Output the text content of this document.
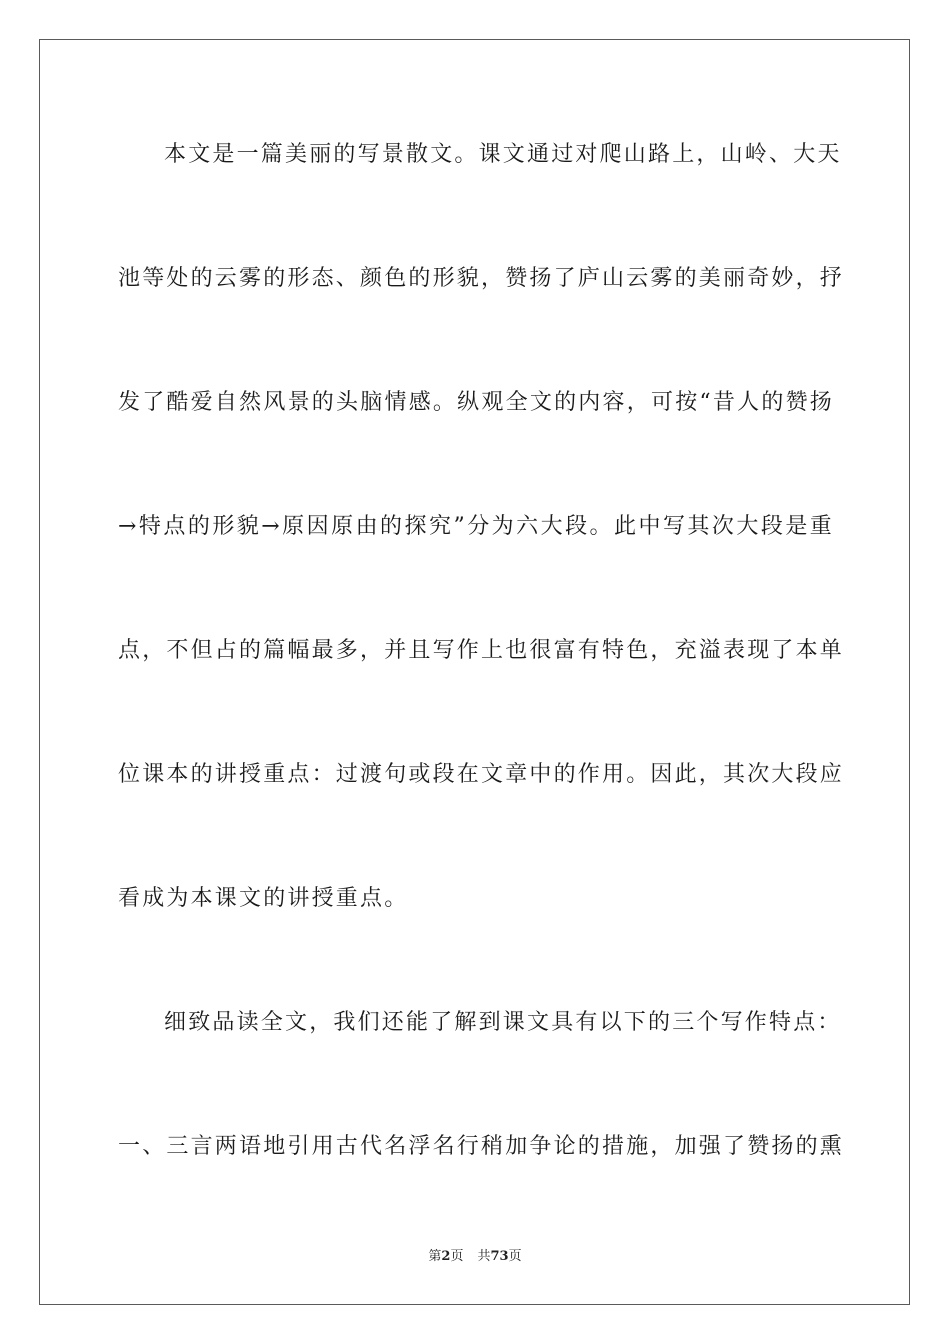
本文是一篇美丽的写景散文。课文通过对爬山路上，山岭、大天
池等处的云雾的形态、颜色的形貌，赞扬了庐山云雾的美丽奇妙，抒
发了酷爱自然风景的头脑情感。纵观全文的内容，可按“昔人的赞扬
→特点的形貌→原因原由的探究”分为六大段。此中写其次大段是重
点，不但占的篇幅最多，并且写作上也很富有特色，充溢表现了本单
位课本的讲授重点：过渡句或段在文章中的作用。因此，其次大段应
看成为本课文的讲授重点。
细致品读全文，我们还能了解到课文具有以下的三个写作特点：
一、三言两语地引用古代名浮名行稍加争论的措施，加强了赞扬的熏
第2页 共73页
